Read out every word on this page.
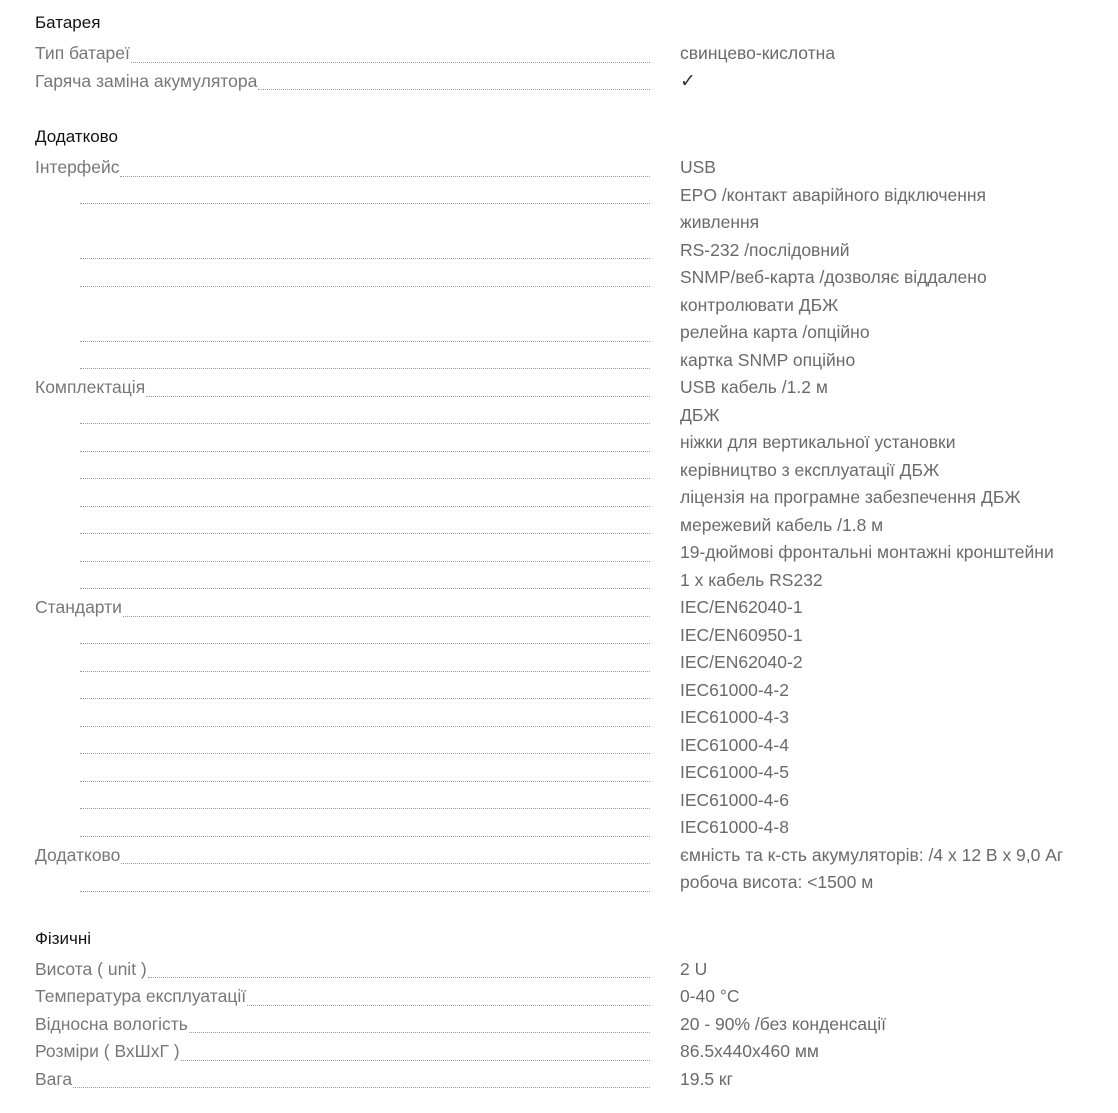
Батарея
Тип батареї	свинцево-кислотна
Гаряча заміна акумулятора	✓
Додатково
Інтерфейс	USB
EPO /контакт аварійного відключення
живлення
RS-232 /послідовний
SNMP/веб-карта /дозволяє віддалено
контролювати ДБЖ
релейна карта /опційно
картка SNMP опційно
Комплектація	USB кабель /1.2 м
ДБЖ
ніжки для вертикальної установки
керівництво з експлуатації ДБЖ
ліцензія на програмне забезпечення ДБЖ
мережевий кабель /1.8 м
19-дюймові фронтальні монтажні кронштейни
1 x кабель RS232
Стандарти	IEC/EN62040-1
IEC/EN60950-1
IEC/EN62040-2
IEC61000-4-2
IEC61000-4-3
IEC61000-4-4
IEC61000-4-5
IEC61000-4-6
IEC61000-4-8
Додатково	ємність та к-сть акумуляторів: /4 x 12 В x 9,0 Аг
робоча висота: <1500 м
Фізичні
Висота ( unit )	2 U
Температура експлуатації	0-40 °C
Відносна вологість	20 - 90% /без конденсації
Розміри ( ВхШхГ )	86.5x440x460 мм
Вага	19.5 кг
